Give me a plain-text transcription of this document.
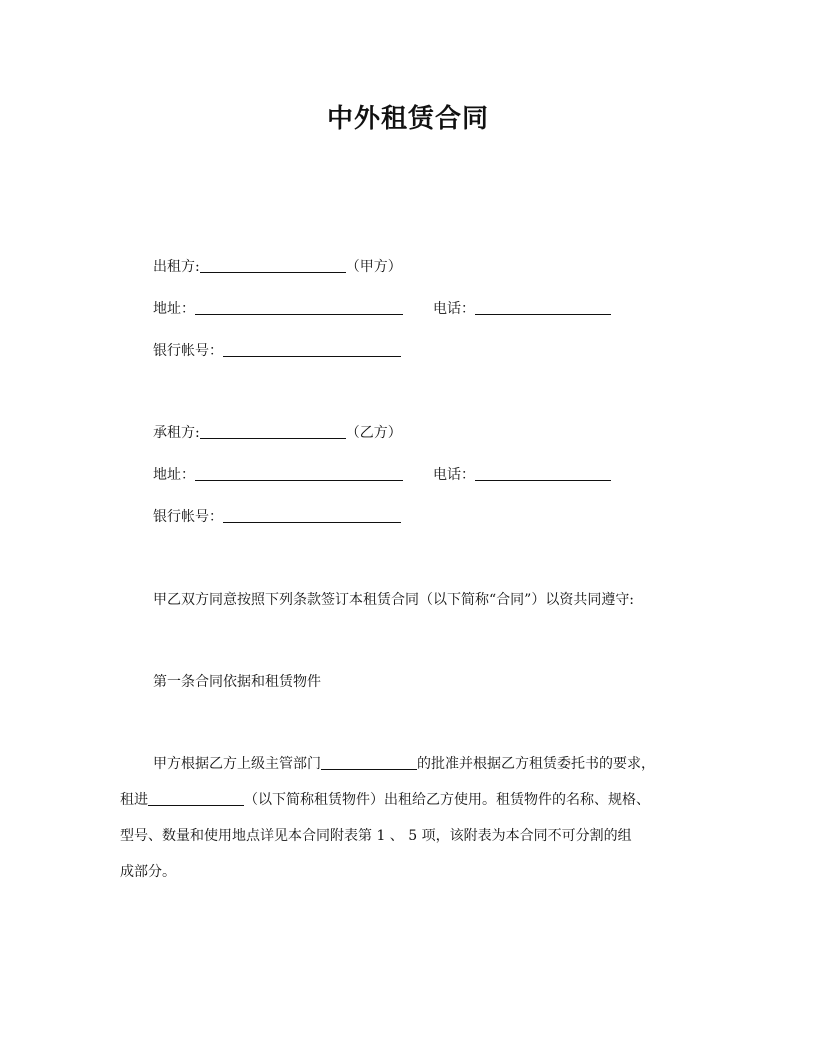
中外租赁合同
出租方:	（甲方）
地址：	电话：
银行帐号：
承租方:	（乙方）
地址：	电话：
银行帐号：
甲乙双方同意按照下列条款签订本租赁合同（以下简称“合同”）以资共同遵守:
第一条合同依据和租赁物件
甲方根据乙方上级主管部门	的批准并根据乙方租赁委托书的要求，
租进	（以下简称租赁物件）出租给乙方使用。租赁物件的名称、规格、
型号、数量和使用地点详见本合同附表第 1 、 5 项，该附表为本合同不可分割的组
成部分。
